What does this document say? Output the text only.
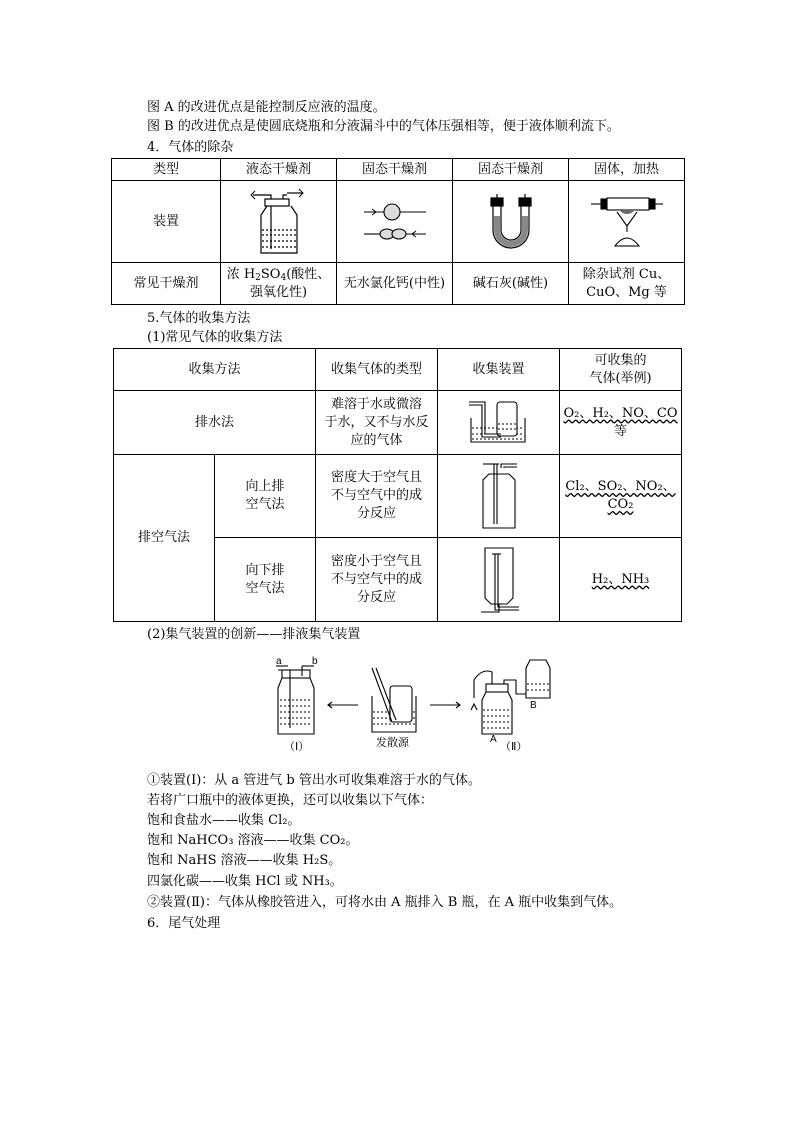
图 A 的改进优点是能控制反应液的温度。
图 B 的改进优点是使圆底烧瓶和分液漏斗中的气体压强相等，便于液体顺利流下。
4．气体的除杂
类型	液态干燥剂	固态干燥剂	固态干燥剂	固体，加热
装置	

常见干燥剂	浓 $H_2SO_4$(酸性、
强氧化性)	无水氯化钙(中性)	碱石灰(碱性)	除杂试剂 Cu、
CuO、Mg 等
5.气体的收集方法
(1)常见气体的收集方法
收集方法		收集气体的类型	收集装置	可收集的
气体(举例)
排水法		难溶于水或微溶
于水，又不与水反
应的气体		O₂、H₂、NO、CO
等
排空气法	向上排
空气法	密度大于空气且
不与空气中的成
分反应		Cl₂、SO₂、NO₂、
CO₂
	向下排
空气法	密度小于空气且
不与空气中的成
分反应		H₂、NH₃
(2)集气装置的创新——排液集气装置
a	b
（Ⅰ）	发散源	A
B
（Ⅱ）
①装置(Ⅰ)：从 a 管进气 b 管出水可收集难溶于水的气体。
若将广口瓶中的液体更换，还可以收集以下气体：
饱和食盐水——收集 Cl₂。
饱和 NaHCO₃ 溶液——收集 CO₂。
饱和 NaHS 溶液——收集 H₂S。
四氯化碳——收集 HCl 或 NH₃。
②装置(Ⅱ)：气体从橡胶管进入，可将水由 A 瓶排入 B 瓶，在 A 瓶中收集到气体。
6．尾气处理
